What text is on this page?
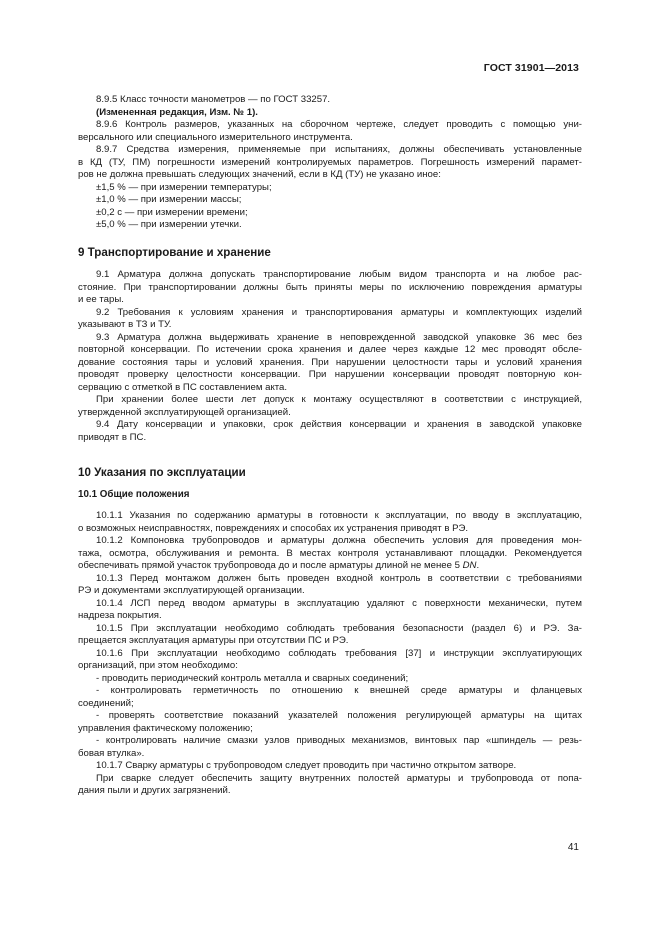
ГОСТ 31901—2013
8.9.5 Класс точности манометров — по ГОСТ 33257.
(Измененная редакция, Изм. № 1).
8.9.6 Контроль размеров, указанных на сборочном чертеже, следует проводить с помощью уни-
версального или специального измерительного инструмента.
8.9.7 Средства измерения, применяемые при испытаниях, должны обеспечивать установленные
в КД (ТУ, ПМ) погрешности измерений контролируемых параметров. Погрешность измерений парамет-
ров не должна превышать следующих значений, если в КД (ТУ) не указано иное:
±1,5 % — при измерении температуры;
±1,0 % — при измерении массы;
±0,2 с — при измерении времени;
±5,0 % — при измерении утечки.
9 Транспортирование и хранение
9.1 Арматура должна допускать транспортирование любым видом транспорта и на любое рас-
стояние. При транспортировании должны быть приняты меры по исключению повреждения арматуры
и ее тары.
9.2 Требования к условиям хранения и транспортирования арматуры и комплектующих изделий
указывают в ТЗ и ТУ.
9.3 Арматура должна выдерживать хранение в неповрежденной заводской упаковке 36 мес без
повторной консервации. По истечении срока хранения и далее через каждые 12 мес проводят обсле-
дование состояния тары и условий хранения. При нарушении целостности тары и условий хранения
проводят проверку целостности консервации. При нарушении консервации проводят повторную кон-
сервацию с отметкой в ПС составлением акта.
При хранении более шести лет допуск к монтажу осуществляют в соответствии с инструкцией,
утвержденной эксплуатирующей организацией.
9.4 Дату консервации и упаковки, срок действия консервации и хранения в заводской упаковке
приводят в ПС.
10 Указания по эксплуатации
10.1 Общие положения
10.1.1 Указания по содержанию арматуры в готовности к эксплуатации, по вводу в эксплуатацию,
о возможных неисправностях, повреждениях и способах их устранения приводят в РЭ.
10.1.2 Компоновка трубопроводов и арматуры должна обеспечить условия для проведения мон-
тажа, осмотра, обслуживания и ремонта. В местах контроля устанавливают площадки. Рекомендуется
обеспечивать прямой участок трубопровода до и после арматуры длиной не менее 5 DN.
10.1.3 Перед монтажом должен быть проведен входной контроль в соответствии с требованиями
РЭ и документами эксплуатирующей организации.
10.1.4 ЛСП перед вводом арматуры в эксплуатацию удаляют с поверхности механически, путем
надреза покрытия.
10.1.5 При эксплуатации необходимо соблюдать требования безопасности (раздел 6) и РЭ. За-
прещается эксплуатация арматуры при отсутствии ПС и РЭ.
10.1.6 При эксплуатации необходимо соблюдать требования [37] и инструкции эксплуатирующих
организаций, при этом необходимо:
- проводить периодический контроль металла и сварных соединений;
- контролировать герметичность по отношению к внешней среде арматуры и фланцевых
соединений;
- проверять соответствие показаний указателей положения регулирующей арматуры на щитах
управления фактическому положению;
- контролировать наличие смазки узлов приводных механизмов, винтовых пар «шпиндель — резь-
бовая втулка».
10.1.7 Сварку арматуры с трубопроводом следует проводить при частично открытом затворе.
При сварке следует обеспечить защиту внутренних полостей арматуры и трубопровода от попа-
дания пыли и других загрязнений.
41
